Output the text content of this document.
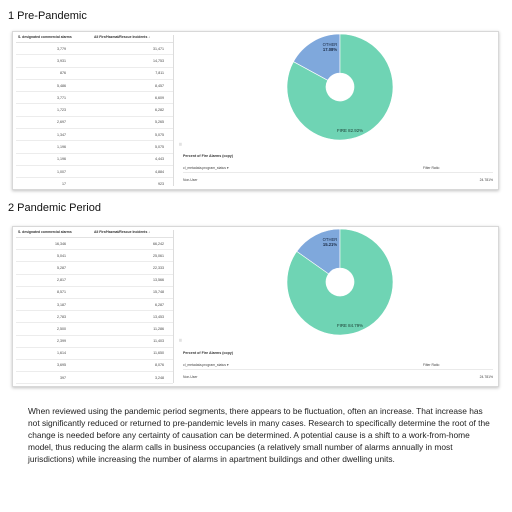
1 Pre-Pandemic
S. designated commercial alarms	All Fire/Hazmat/Rescue Incidents ↓
3,779	31,471
3,931	14,753
876	7,811
5,486	8,457
3,771	6,609
1,723	6,282
2,697	5,265
1,347	5,075
1,196	5,075
1,196	4,443
1,007	4,884
17	923
OTHER
17.08%
FIRE 82.92%
⠿
Percent of Fire Alarms (copy)
cl_metadata.program_status ▾	Filter Ratio
Non-User	24.781%
2 Pandemic Period
S. designated commercial alarms	All Fire/Hazmat/Rescue Incidents ↓
16,346	66,242
5,041	25,061
5,287	22,333
2,817	13,566
8,571	15,748
3,187	6,287
2,783	13,453
2,500	11,286
2,399	11,403
1,614	11,650
3,695	8,076
397	3,248
OTHER
15.21%
FIRE 84.79%
⠿
Percent of Fire Alarms (copy)
cl_metadata.program_status ▾	Filter Ratio
Non-User	24.781%

When reviewed using the pandemic period segments, there appears to be fluctuation, often an increase. That increase has not significantly reduced or returned to pre-pandemic levels in many cases. Research to specifically determine the root of the change is needed before any certainty of causation can be determined. A potential cause is a shift to a work-from-home model, thus reducing the alarm calls in business occupancies (a relatively small number of alarms annually in most jurisdictions) while increasing the number of alarms in apartment buildings and other dwelling units.
